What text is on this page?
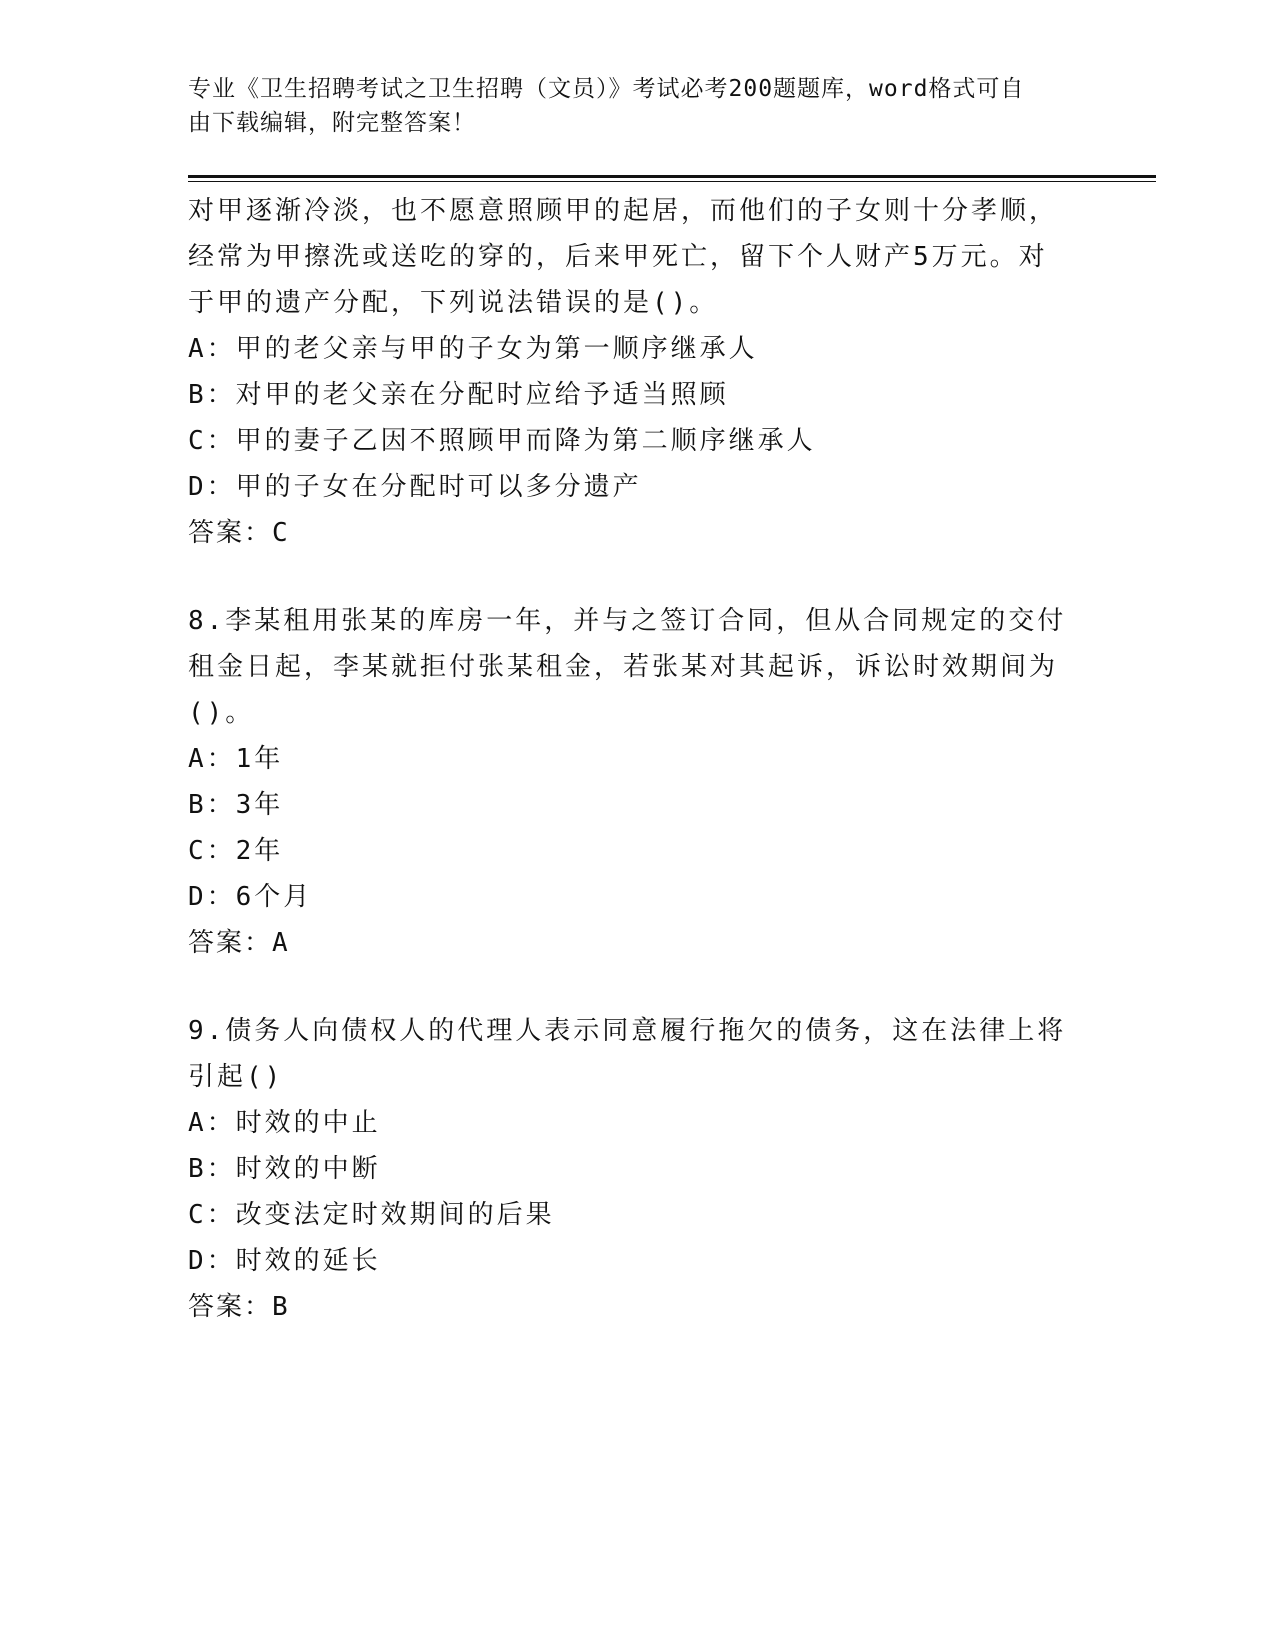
专业《卫生招聘考试之卫生招聘（文员）》考试必考200题题库，word格式可自
由下载编辑，附完整答案！

对甲逐渐冷淡，也不愿意照顾甲的起居，而他们的子女则十分孝顺，

经常为甲擦洗或送吃的穿的，后来甲死亡，留下个人财产5万元。对

于甲的遗产分配，下列说法错误的是()。

A：甲的老父亲与甲的子女为第一顺序继承人

B：对甲的老父亲在分配时应给予适当照顾

C：甲的妻子乙因不照顾甲而降为第二顺序继承人

D：甲的子女在分配时可以多分遗产

答案：C

8.李某租用张某的库房一年，并与之签订合同，但从合同规定的交付

租金日起，李某就拒付张某租金，若张某对其起诉，诉讼时效期间为

()。

A：1年

B：3年

C：2年

D：6个月

答案：A

9.债务人向债权人的代理人表示同意履行拖欠的债务，这在法律上将

引起()

A：时效的中止

B：时效的中断

C：改变法定时效期间的后果

D：时效的延长

答案：B
